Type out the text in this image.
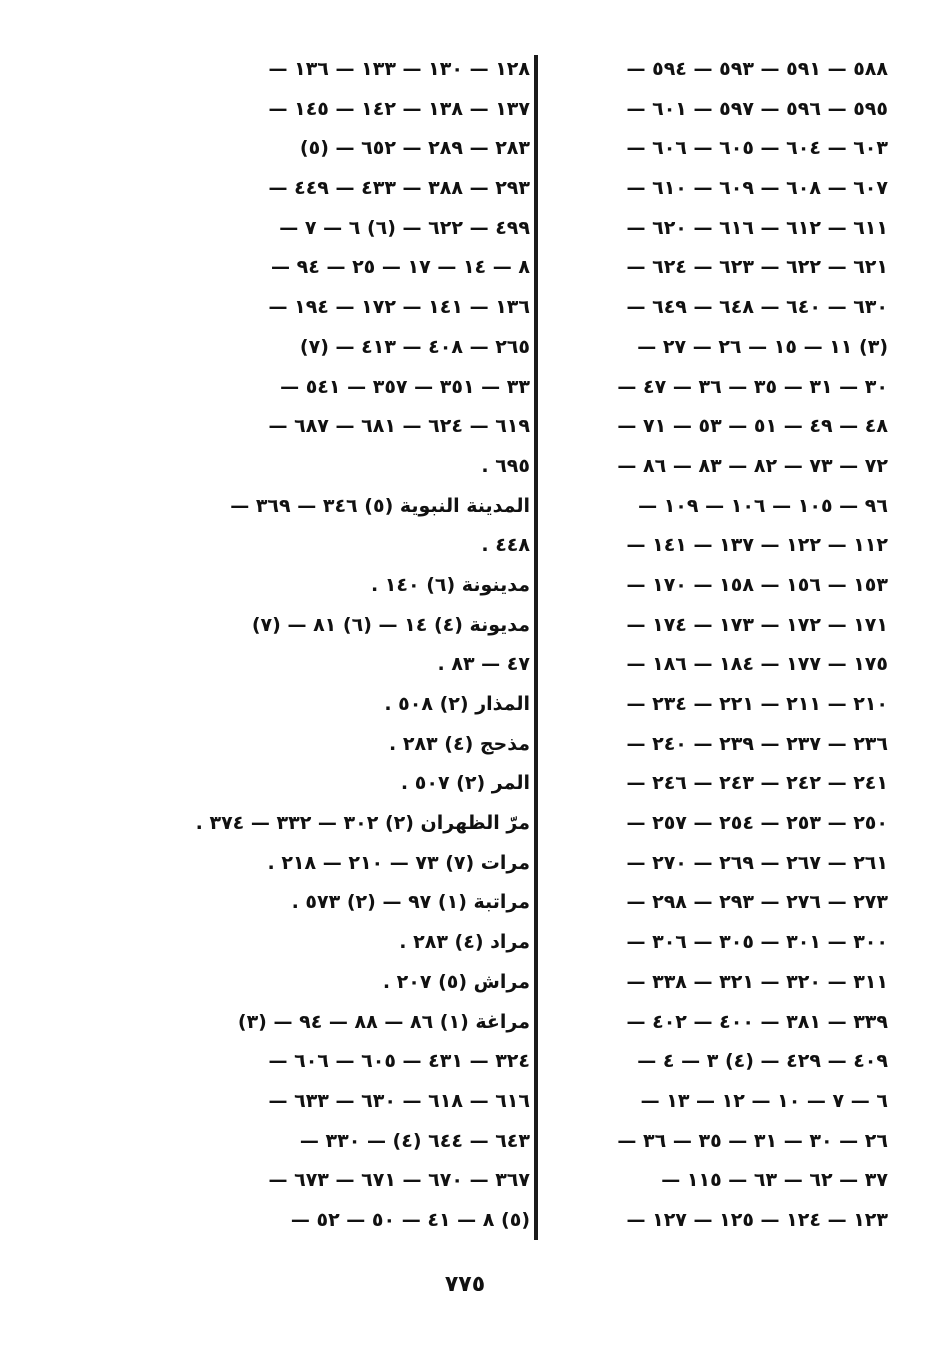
٥٨٨ — ٥٩١ — ٥٩٣ — ٥٩٤ —
٥٩٥ — ٥٩٦ — ٥٩٧ — ٦٠١ —
٦٠٣ — ٦٠٤ — ٦٠٥ — ٦٠٦ —
٦٠٧ — ٦٠٨ — ٦٠٩ — ٦١٠ —
٦١١ — ٦١٢ — ٦١٦ — ٦٢٠ —
٦٢١ — ٦٢٢ — ٦٢٣ — ٦٢٤ —
٦٣٠ — ٦٤٠ — ٦٤٨ — ٦٤٩ —
(٣) ١١ — ١٥ — ٢٦ — ٢٧ —
٣٠ — ٣١ — ٣٥ — ٣٦ — ٤٧ —
٤٨ — ٤٩ — ٥١ — ٥٣ — ٧١ —
٧٢ — ٧٣ — ٨٢ — ٨٣ — ٨٦ —
٩٦ — ١٠٥ — ١٠٦ — ١٠٩ —
١١٢ — ١٢٢ — ١٣٧ — ١٤١ —
١٥٣ — ١٥٦ — ١٥٨ — ١٧٠ —
١٧١ — ١٧٢ — ١٧٣ — ١٧٤ —
١٧٥ — ١٧٧ — ١٨٤ — ١٨٦ —
٢١٠ — ٢١١ — ٢٢١ — ٢٣٤ —
٢٣٦ — ٢٣٧ — ٢٣٩ — ٢٤٠ —
٢٤١ — ٢٤٢ — ٢٤٣ — ٢٤٦ —
٢٥٠ — ٢٥٣ — ٢٥٤ — ٢٥٧ —
٢٦١ — ٢٦٧ — ٢٦٩ — ٢٧٠ —
٢٧٣ — ٢٧٦ — ٢٩٣ — ٢٩٨ —
٣٠٠ — ٣٠١ — ٣٠٥ — ٣٠٦ —
٣١١ — ٣٢٠ — ٣٢١ — ٣٣٨ —
٣٣٩ — ٣٨١ — ٤٠٠ — ٤٠٢ —
٤٠٩ — ٤٢٩ — (٤) ٣ — ٤ —
٦ — ٧ — ١٠ — ١٢ — ١٣ —
٢٦ — ٣٠ — ٣١ — ٣٥ — ٣٦ —
٣٧ — ٦٢ — ٦٣ — ١١٥ —
١٢٣ — ١٢٤ — ١٢٥ — ١٢٧ —
١٢٨ — ١٣٠ — ١٣٣ — ١٣٦ —
١٣٧ — ١٣٨ — ١٤٢ — ١٤٥ —
٢٨٣ — ٢٨٩ — ٦٥٢ — (٥)
٢٩٣ — ٣٨٨ — ٤٣٣ — ٤٤٩ —
٤٩٩ — ٦٢٢ — (٦) ٦ — ٧ —
٨ — ١٤ — ١٧ — ٢٥ — ٩٤ —
١٣٦ — ١٤١ — ١٧٢ — ١٩٤ —
٢٦٥ — ٤٠٨ — ٤١٣ — (٧)
٣٣ — ٣٥١ — ٣٥٧ — ٥٤١ —
٦١٩ — ٦٢٤ — ٦٨١ — ٦٨٧ —
٦٩٥ .
المدينة النبوية (٥) ٣٤٦ — ٣٦٩ —
٤٤٨ .
مدينونة (٦) ١٤٠ .
مديونة (٤) ١٤ — (٦) ٨١ — (٧)
٤٧ — ٨٣ .
المذار (٢) ٥٠٨ .
مذحج (٤) ٢٨٣ .
المر (٢) ٥٠٧ .
مرّ الظهران (٢) ٣٠٢ — ٣٣٢ — ٣٧٤ .
مرات (٧) ٧٣ — ٢١٠ — ٢١٨ .
مراتبة (١) ٩٧ — (٢) ٥٧٣ .
مراد (٤) ٢٨٣ .
مراش (٥) ٢٠٧ .
مراغة (١) ٨٦ — ٨٨ — ٩٤ — (٣)
٣٢٤ — ٤٣١ — ٦٠٥ — ٦٠٦ —
٦١٦ — ٦١٨ — ٦٣٠ — ٦٣٣ —
٦٤٣ — ٦٤٤ (٤) — ٣٣٠ —
٣٦٧ — ٦٧٠ — ٦٧١ — ٦٧٣ —
(٥) ٨ — ٤١ — ٥٠ — ٥٢ —
٧٧٥
